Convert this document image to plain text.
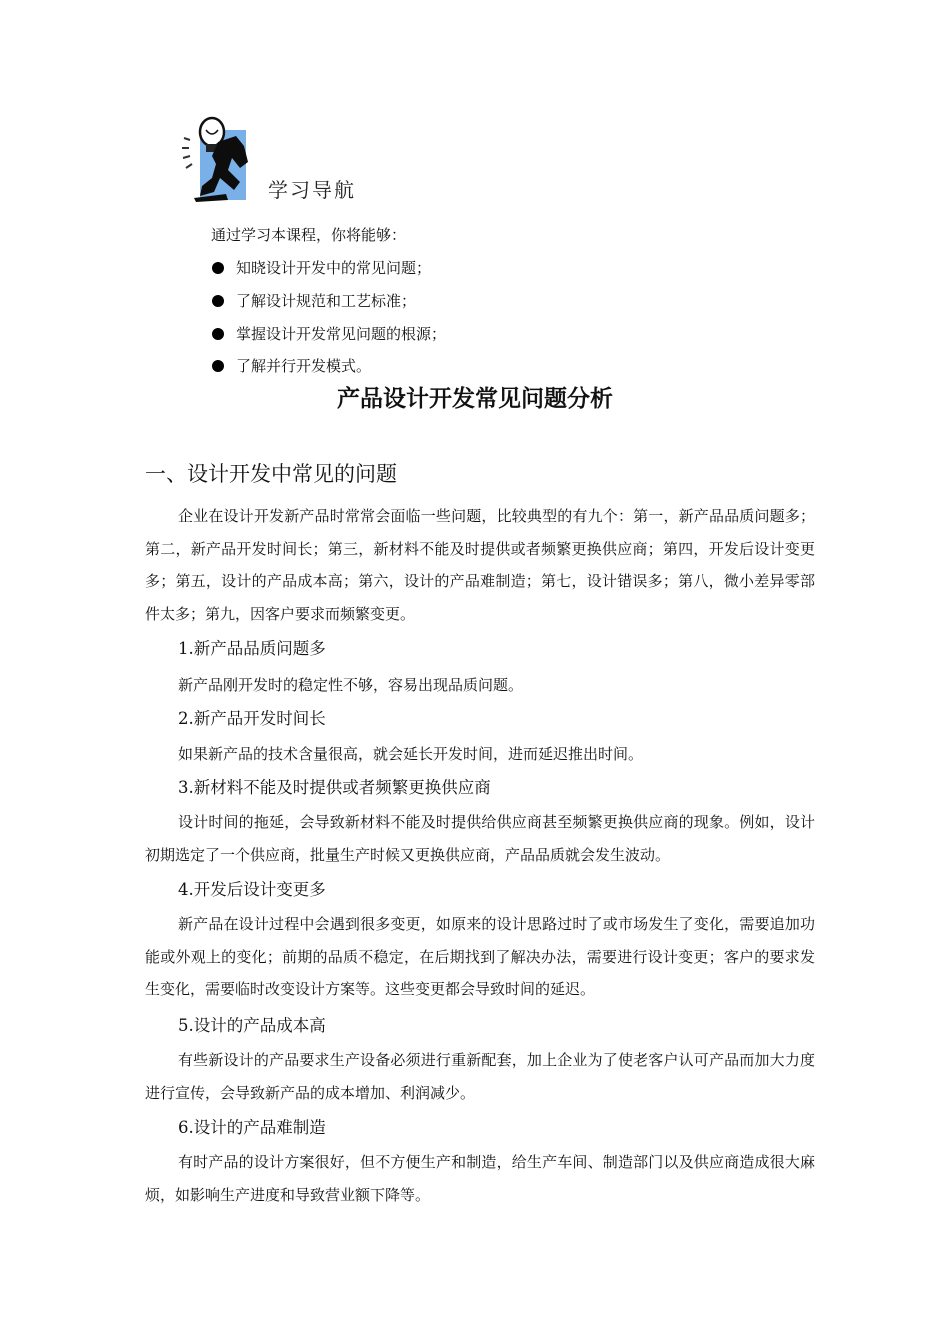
学习导航
通过学习本课程，你将能够：
知晓设计开发中的常见问题；
了解设计规范和工艺标准；
掌握设计开发常见问题的根源；
了解并行开发模式。
产品设计开发常见问题分析
一、设计开发中常见的问题
企业在设计开发新产品时常常会面临一些问题，比较典型的有九个：第一，新产品品质问题多；第二，新产品开发时间长；第三，新材料不能及时提供或者频繁更换供应商；第四，开发后设计变更多；第五，设计的产品成本高；第六，设计的产品难制造；第七，设计错误多；第八，微小差异零部件太多；第九，因客户要求而频繁变更。
1.新产品品质问题多
新产品刚开发时的稳定性不够，容易出现品质问题。
2.新产品开发时间长
如果新产品的技术含量很高，就会延长开发时间，进而延迟推出时间。
3.新材料不能及时提供或者频繁更换供应商
设计时间的拖延，会导致新材料不能及时提供给供应商甚至频繁更换供应商的现象。例如，设计初期选定了一个供应商，批量生产时候又更换供应商，产品品质就会发生波动。
4.开发后设计变更多
新产品在设计过程中会遇到很多变更，如原来的设计思路过时了或市场发生了变化，需要追加功能或外观上的变化；前期的品质不稳定，在后期找到了解决办法，需要进行设计变更；客户的要求发生变化，需要临时改变设计方案等。这些变更都会导致时间的延迟。
5.设计的产品成本高
有些新设计的产品要求生产设备必须进行重新配套，加上企业为了使老客户认可产品而加大力度进行宣传，会导致新产品的成本增加、利润减少。
6.设计的产品难制造
有时产品的设计方案很好，但不方便生产和制造，给生产车间、制造部门以及供应商造成很大麻烦，如影响生产进度和导致营业额下降等。
